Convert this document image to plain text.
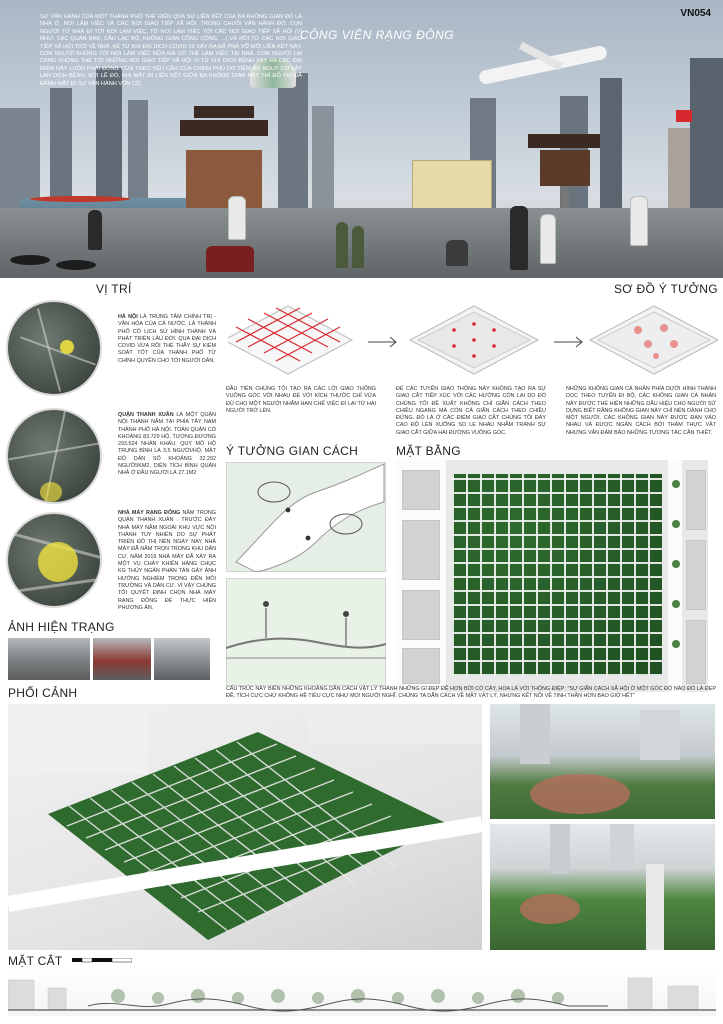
VN054
CÔNG VIÊN RẠNG ĐÔNG
SỰ VẬN HÀNH CỦA MỘT THÀNH PHỐ THỂ HIỆN QUA SỰ LIÊN KẾT CỦA BA KHÔNG GIAN ĐÓ LÀ NHÀ Ở, NƠI LÀM VIỆC VÀ CÁC NƠI GIAO TIẾP XÃ HỘI. TRONG CHUỖI VẬN HÀNH ĐÓ, CON NGƯỜI TỪ NHÀ ĐI TỚI NƠI LÀM VIỆC, TỪ NƠI LÀM VIỆC TỚI CÁC NƠI GIAO TIẾP XÃ HỘI (VÍ NHƯ: CÁC QUÁN BAR, CÂU LẠC BỘ, KHÔNG GIAN CÔNG CỘNG, ...) VÀ RỒI TỪ CÁC NƠI GIAO TIẾP XÃ HỘI TRỞ VỀ NHÀ. KỂ TỪ KHI ĐẠI DỊCH COVID-19 XẢY RA ĐÃ PHÁ VỠ MỐI LIÊN KẾT NÀY. CON NGƯỜI KHÔNG TỚI NƠI LÀM VIỆC NỮA MÀ CÓ THỂ LÀM VIỆC TẠI NHÀ, CON NGƯỜI LẠI CÀNG KHÔNG THỂ TỚI NHỮNG NƠI GIAO TIẾP XÃ HỘI VÌ TỪ KHI DỊCH BỆNH XẢY RA CÁC ĐỊA ĐIỂM NÀY LUÔN PHẢI ĐÓNG CỬA THEO YÊU CẦU CỦA CHÍNH PHỦ DO TIỀM ẨN NGUY CƠ LÂY LAN DỊCH BỆNH, BỞI LẼ ĐÓ, KHI MẤT ĐI LIÊN KẾT GIỮA BA KHÔNG GIAN NÀY THÌ ĐÔ THỊ ĐÃ ĐÁNH MẤT ĐI SỰ VẬN HÀNH VỐN CÓ.
VỊ TRÍ
HÀ NỘI LÀ TRUNG TÂM CHÍNH TRỊ - VĂN HÓA CỦA CẢ NƯỚC. LÀ THÀNH PHỐ CÓ LỊCH SỬ HÌNH THÀNH VÀ PHÁT TRIỂN LÂU ĐỜI. QUA ĐẠI DỊCH COVID VỪA RỒI THỂ THẤY SỰ KIỂM SOÁT TỐT CỦA THÀNH PHỐ TỪ CHÍNH QUYỀN CHO TỚI NGƯỜI DÂN.
QUẬN THANH XUÂN LÀ MỘT QUẬN NỘI THÀNH NẰM TẠI PHÍA TÂY NAM THÀNH PHỐ HÀ NỘI. TOÀN QUẬN CÓ KHOẢNG 83.729 HỘ, TƯƠNG ĐƯƠNG 293.524 NHÂN KHẨU, QUY MÔ HỘ TRUNG BÌNH LÀ 3,5 NGƯỜI/HỘ, MẬT ĐỘ DÂN SỐ KHOẢNG 32.292 NGƯỜI/KM2, DIỆN TÍCH BÌNH QUÂN NHÀ Ở ĐẦU NGƯỜI LÀ 27.1M2
NHÀ MÁY RẠNG ĐÔNG NẰM TRONG QUẬN THANH XUÂN . TRƯỚC ĐÂY NHÀ MÁY NẰM NGOÀI KHU VỰC NỘI THÀNH TUY NHIÊN DO SỰ PHÁT TRIỂN ĐÔ THỊ NÊN NGÀY NAY NHÀ MÁY ĐÃ NẰM TRỌN TRONG KHU DÂN CƯ. NĂM 2019 NHÀ MÁY ĐÃ XẢY RA MỘT VỤ CHÁY KHIẾN HÀNG CHỤC KG THỦY NGÂN PHÁN TÁN GÂY ẢNH HƯỞNG NGHIÊM TRỌNG ĐẾN MÔI TRƯỜNG VÀ DÂN CƯ. VÌ VẬY CHÚNG TÔI QUYẾT ĐỊNH CHỌN NHÀ MÁY RẠNG ĐÔNG ĐỂ THỰC HIỆN PHƯƠNG ÁN.
SƠ ĐỒ Ý TƯỞNG
ĐẦU TIÊN CHÚNG TÔI TẠO RA CÁC LỚI GIAO THÔNG VUÔNG GÓC VỚI NHAU ĐỂ VỚI KÍCH THƯỚC CHỈ VỪA ĐỦ CHO MỘT NGƯỜI NHẰM HẠN CHẾ VIỆC ĐI LẠI TỪ HAI NGƯỜI TRỞ LÊN.
ĐỂ CÁC TUYẾN GIAO THÔNG NÀY KHÔNG TẠO RA SỰ GIAO CẮT TIẾP XÚC VỚI CÁC HƯỚNG CÒN LẠI DO ĐÓ CHÚNG TÔI ĐỀ XUẤT KHÔNG CHỈ GIÃN CÁCH THEO CHIỀU NGANG MÀ CÒN CẢ GIÃN CÁCH THEO CHIỀU ĐỨNG. ĐÓ LÀ Ở CÁC ĐIỂM GIAO CẮT CHÚNG TÔI ĐẨY CAO ĐỘ LÊN XUỐNG SO LE NHAU NHẰM TRÁNH SỰ GIAO CẮT GIỮA HAI ĐƯỜNG VUÔNG GÓC.
NHỮNG KHÔNG GIAN CÁ NHÂN PHÍA DƯỚI HÌNH THÀNH DỌC THEO TUYẾN ĐI BỘ, CÁC KHÔNG GIAN CÁ NHÂN NÀY ĐƯỢC THỂ HIỆN NHỮNG DẤU HIỆU CHO NGƯỜI SỬ DỤNG BIẾT RẰNG KHÔNG GIAN NÀY CHỈ NÊN DÀNH CHO MỘT NGƯỜI. CÁC KHÔNG GIAN NÀY ĐƯỢC ĐAN VÀO NHAU VÀ ĐƯỢC NGĂN CÁCH BỞI THẢM THỰC VẬT NHƯNG VẪN ĐẢM BẢO NHỮNG TƯƠNG TÁC CẦN THIẾT.
Ý TƯỞNG GIAN CÁCH	MẶT BẰNG
ẢNH HIỆN TRẠNG
PHỐI CẢNH	CẤU TRÚC NÀY BIẾN NHỮNG KHOẢNG DÃN CÁCH VẬT LÝ THÀNH NHỮNG GÌ ĐẸP ĐẼ HƠN BỞI CÓ CÂY, HOA LÁ VỚI THÔNG ĐIỆP: "SỰ GIÃN CÁCH XÃ HỘI Ở MỘT GÓC ĐỘ NÀO ĐÓ LÀ ĐẸP ĐẼ, TÍCH CỰC CHỨ KHÔNG HỀ TIÊU CỰC NHƯ MỌI NGƯỜI NGHĨ. CHÚNG TA DÃN CÁCH VỀ MẶT VẬT LÝ, NHƯNG KẾT NỐI VỀ TINH THẦN HƠN BAO GIỜ HẾT"
MẶT CẮT
